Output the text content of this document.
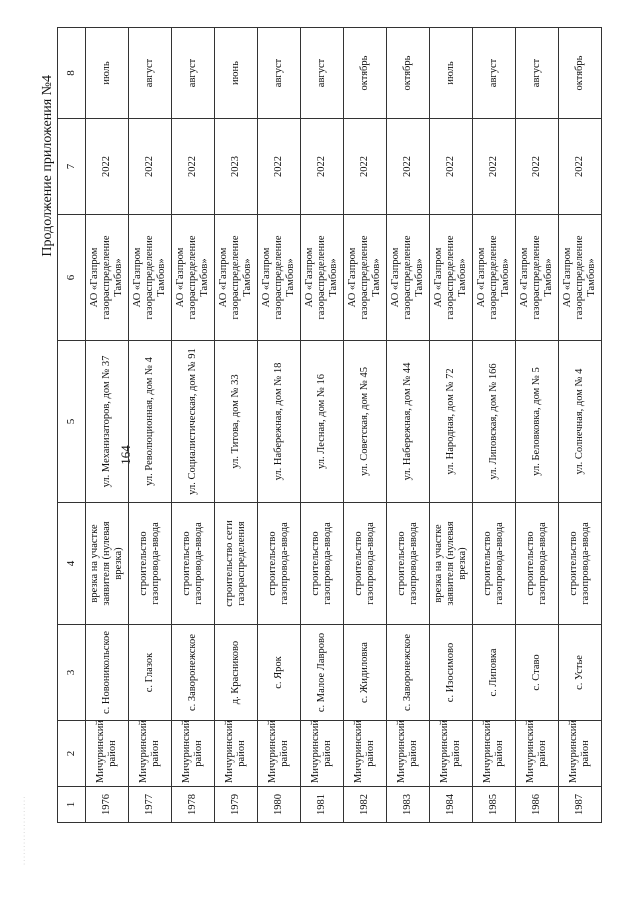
· · · · · · · · · · · · · · · · · · · ·
164
Продолжение приложения №4
1	2	3	4	5	6	7	8
1976	Мичуринский район	с. Новоникольское	врезка на участке заявителя (нулевая врезка)	ул. Механизаторов, дом № 37	АО «Газпром газораспределение Тамбов»	2022	июль
1977	Мичуринский район	с. Глазок	строительство газопровода-ввода	ул. Революционная, дом № 4	АО «Газпром газораспределение Тамбов»	2022	август
1978	Мичуринский район	с. Заворонежское	строительство газопровода-ввода	ул. Социалистическая, дом № 91	АО «Газпром газораспределение Тамбов»	2022	август
1979	Мичуринский район	д. Красниково	строительство сети газораспределения	ул. Титова, дом № 33	АО «Газпром газораспределение Тамбов»	2023	июнь
1980	Мичуринский район	с. Ярок	строительство газопровода-ввода	ул. Набережная, дом № 18	АО «Газпром газораспределение Тамбов»	2022	август
1981	Мичуринский район	с. Малое Лаврово	строительство газопровода-ввода	ул. Лесная, дом № 16	АО «Газпром газораспределение Тамбов»	2022	август
1982	Мичуринский район	с. Жидиловка	строительство газопровода-ввода	ул. Советская, дом № 45	АО «Газпром газораспределение Тамбов»	2022	октябрь
1983	Мичуринский район	с. Заворонежское	строительство газопровода-ввода	ул. Набережная, дом № 44	АО «Газпром газораспределение Тамбов»	2022	октябрь
1984	Мичуринский район	с. Изосимово	врезка на участке заявителя (нулевая врезка)	ул. Народная, дом № 72	АО «Газпром газораспределение Тамбов»	2022	июль
1985	Мичуринский район	с. Липовка	строительство газопровода-ввода	ул. Липовская, дом № 166	АО «Газпром газораспределение Тамбов»	2022	август
1986	Мичуринский район	с. Ставо	строительство газопровода-ввода	ул. Беловковка, дом № 5	АО «Газпром газораспределение Тамбов»	2022	август
1987	Мичуринский район	с. Устье	строительство газопровода-ввода	ул. Солнечная, дом № 4	АО «Газпром газораспределение Тамбов»	2022	октябрь
